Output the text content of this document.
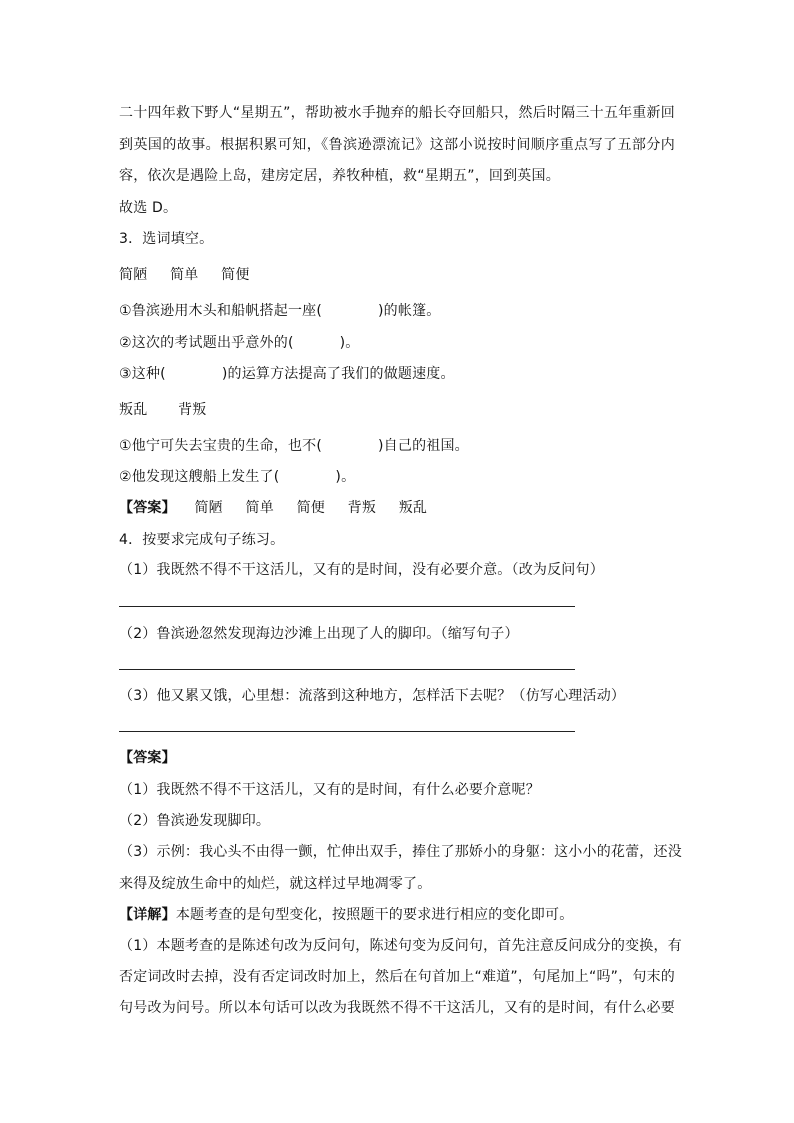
二十四年救下野人“星期五”，帮助被水手抛弃的船长夺回船只，然后时隔三十五年重新回
到英国的故事。根据积累可知，《鲁滨逊漂流记》这部小说按时间顺序重点写了五部分内
容，依次是遇险上岛，建房定居，养牧种植，救“星期五”，回到英国。
故选 D。
3．选词填空。
简陋 简单 简便
①鲁滨逊用木头和船帆搭起一座(	)的帐篷。
②这次的考试题出乎意外的(	)。
③这种(	)的运算方法提高了我们的做题速度。
叛乱 背叛
①他宁可失去宝贵的生命，也不(	)自己的祖国。
②他发现这艘船上发生了(	)。
【答案】 简陋 简单 简便 背叛 叛乱
4．按要求完成句子练习。
（1）我既然不得不干这活儿，又有的是时间，没有必要介意。（改为反问句）
（2）鲁滨逊忽然发现海边沙滩上出现了人的脚印。（缩写句子）
（3）他又累又饿，心里想：流落到这种地方，怎样活下去呢？（仿写心理活动）
【答案】
（1）我既然不得不干这活儿，又有的是时间，有什么必要介意呢？
（2）鲁滨逊发现脚印。
（3）示例：我心头不由得一颤，忙伸出双手，捧住了那娇小的身躯：这小小的花蕾，还没
来得及绽放生命中的灿烂，就这样过早地凋零了。
【详解】本题考查的是句型变化，按照题干的要求进行相应的变化即可。
（1）本题考查的是陈述句改为反问句，陈述句变为反问句，首先注意反问成分的变换，有
否定词改时去掉，没有否定词改时加上，然后在句首加上“难道”，句尾加上“吗”，句末的
句号改为问号。所以本句话可以改为我既然不得不干这活儿，又有的是时间，有什么必要
